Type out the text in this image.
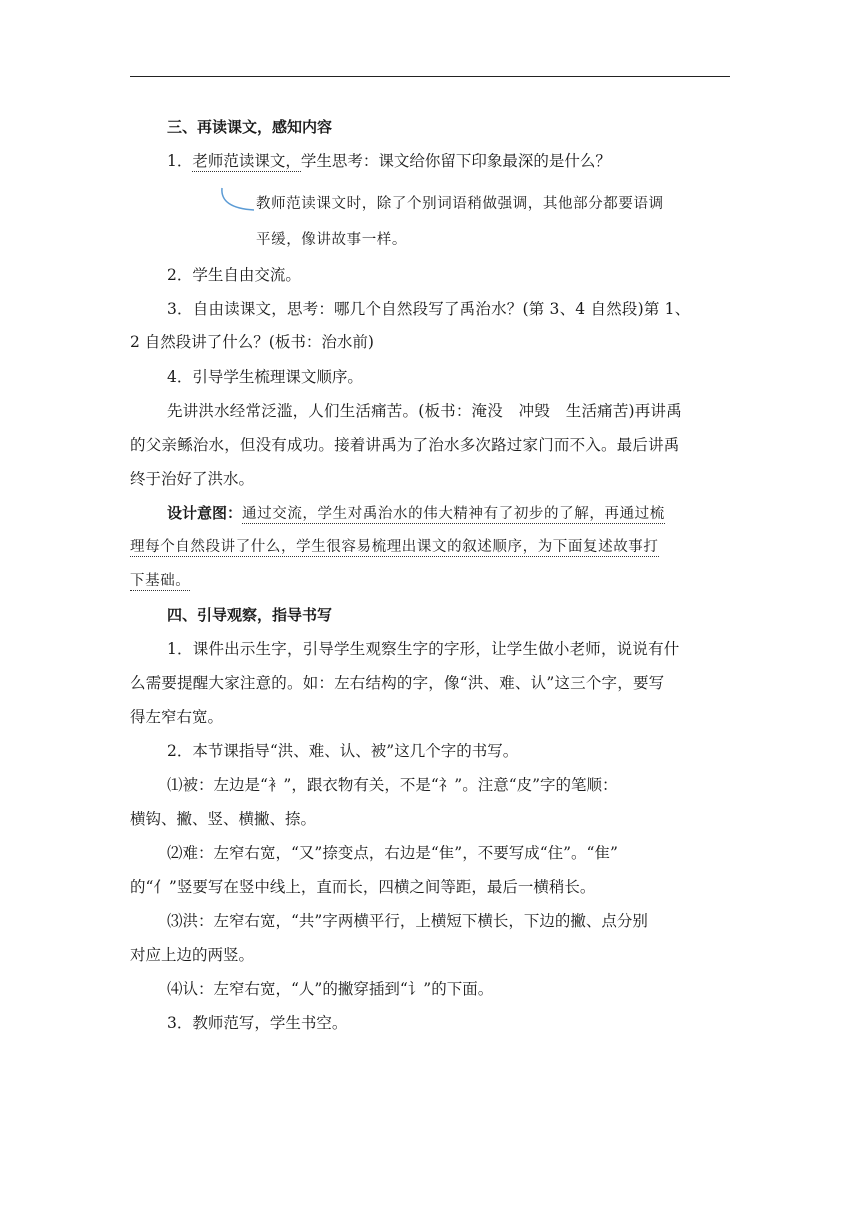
三、再读课文，感知内容
1．老师范读课文，学生思考：课文给你留下印象最深的是什么？
教师范读课文时，除了个别词语稍做强调，其他部分都要语调
平缓，像讲故事一样。
2．学生自由交流。
3．自由读课文，思考：哪几个自然段写了禹治水？(第 3、4 自然段)第 1、
2 自然段讲了什么？(板书：治水前)
4．引导学生梳理课文顺序。
先讲洪水经常泛滥，人们生活痛苦。(板书：淹没　冲毁　生活痛苦)再讲禹
的父亲鲧治水，但没有成功。接着讲禹为了治水多次路过家门而不入。最后讲禹
终于治好了洪水。
设计意图：通过交流，学生对禹治水的伟大精神有了初步的了解，再通过梳
理每个自然段讲了什么，学生很容易梳理出课文的叙述顺序，为下面复述故事打
下基础。
四、引导观察，指导书写
1．课件出示生字，引导学生观察生字的字形，让学生做小老师，说说有什
么需要提醒大家注意的。如：左右结构的字，像“洪、难、认”这三个字，要写
得左窄右宽。
2．本节课指导“洪、难、认、被”这几个字的书写。
⑴被：左边是“衤”，跟衣物有关，不是“礻”。注意“皮”字的笔顺：
横钩、撇、竖、横撇、捺。
⑵难：左窄右宽，“又”捺变点，右边是“隹”，不要写成“住”。“隹”
的“亻”竖要写在竖中线上，直而长，四横之间等距，最后一横稍长。
⑶洪：左窄右宽，“共”字两横平行，上横短下横长，下边的撇、点分别
对应上边的两竖。
⑷认：左窄右宽，“人”的撇穿插到“讠”的下面。
3．教师范写，学生书空。
